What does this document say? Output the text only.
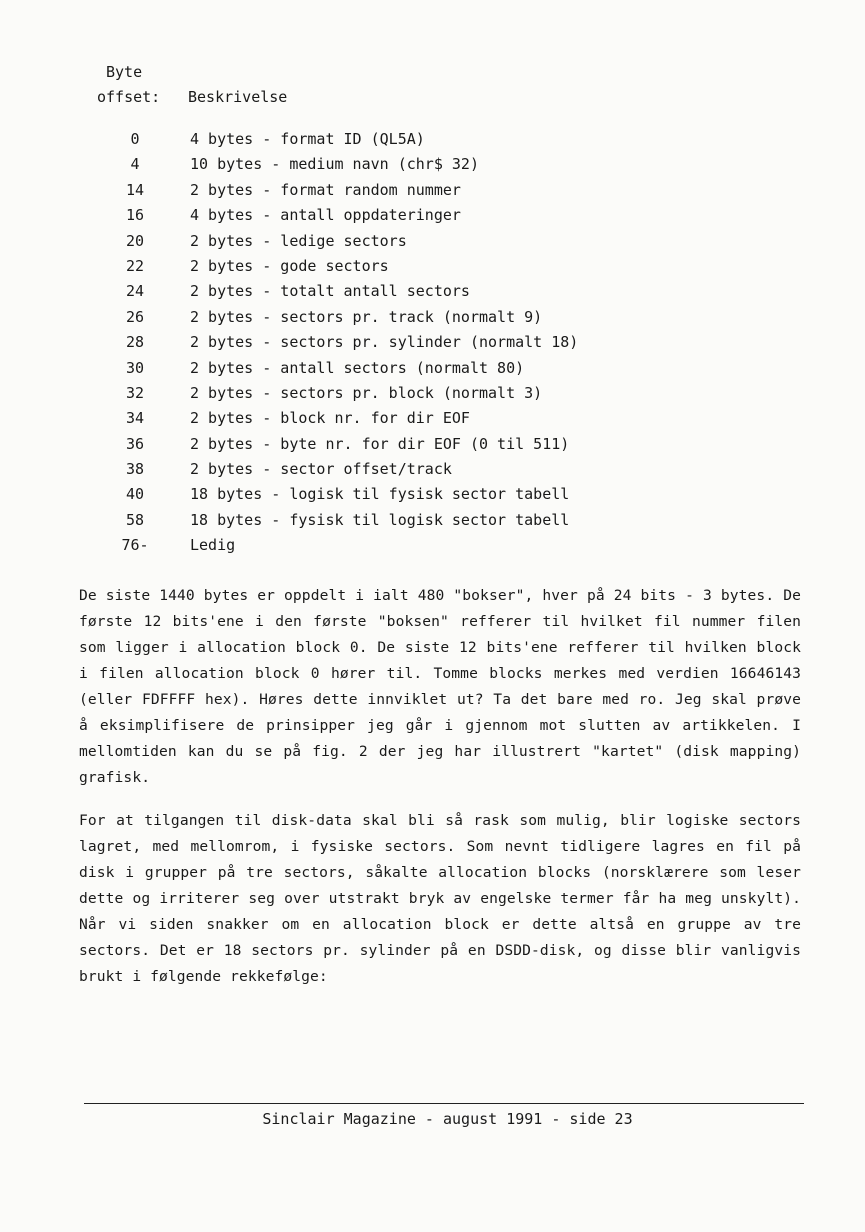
Byte
offset: Beskrivelse
0	4 bytes - format ID (QL5A)
4	10 bytes - medium navn (chr$ 32)
14	2 bytes - format random nummer
16	4 bytes - antall oppdateringer
20	2 bytes - ledige sectors
22	2 bytes - gode sectors
24	2 bytes - totalt antall sectors
26	2 bytes - sectors pr. track (normalt 9)
28	2 bytes - sectors pr. sylinder (normalt 18)
30	2 bytes - antall sectors (normalt 80)
32	2 bytes - sectors pr. block (normalt 3)
34	2 bytes - block nr. for dir EOF
36	2 bytes - byte nr. for dir EOF (0 til 511)
38	2 bytes - sector offset/track
40	18 bytes - logisk til fysisk sector tabell
58	18 bytes - fysisk til logisk sector tabell
76-	Ledig
De siste 1440 bytes er oppdelt i ialt 480 "bokser", hver på 24 bits - 3 bytes. De første 12 bits'ene i den første "boksen" refferer til hvilket fil nummer filen som ligger i allocation block 0. De siste 12 bits'ene refferer til hvilken block i filen allocation block 0 hører til. Tomme blocks merkes med verdien 16646143 (eller FDFFFF hex). Høres dette innviklet ut? Ta det bare med ro. Jeg skal prøve å eksimplifisere de prinsipper jeg går i gjennom mot slutten av artikkelen. I mellomtiden kan du se på fig. 2 der jeg har illustrert "kartet" (disk mapping) grafisk.
For at tilgangen til disk-data skal bli så rask som mulig, blir logiske sectors lagret, med mellomrom, i fysiske sectors. Som nevnt tidligere lagres en fil på disk i grupper på tre sectors, såkalte allocation blocks (norsklærere som leser dette og irriterer seg over utstrakt bryk av engelske termer får ha meg unskylt). Når vi siden snakker om en allocation block er dette altså en gruppe av tre sectors. Det er 18 sectors pr. sylinder på en DSDD-disk, og disse blir vanligvis brukt i følgende rekkefølge:
Sinclair Magazine - august 1991 - side 23
